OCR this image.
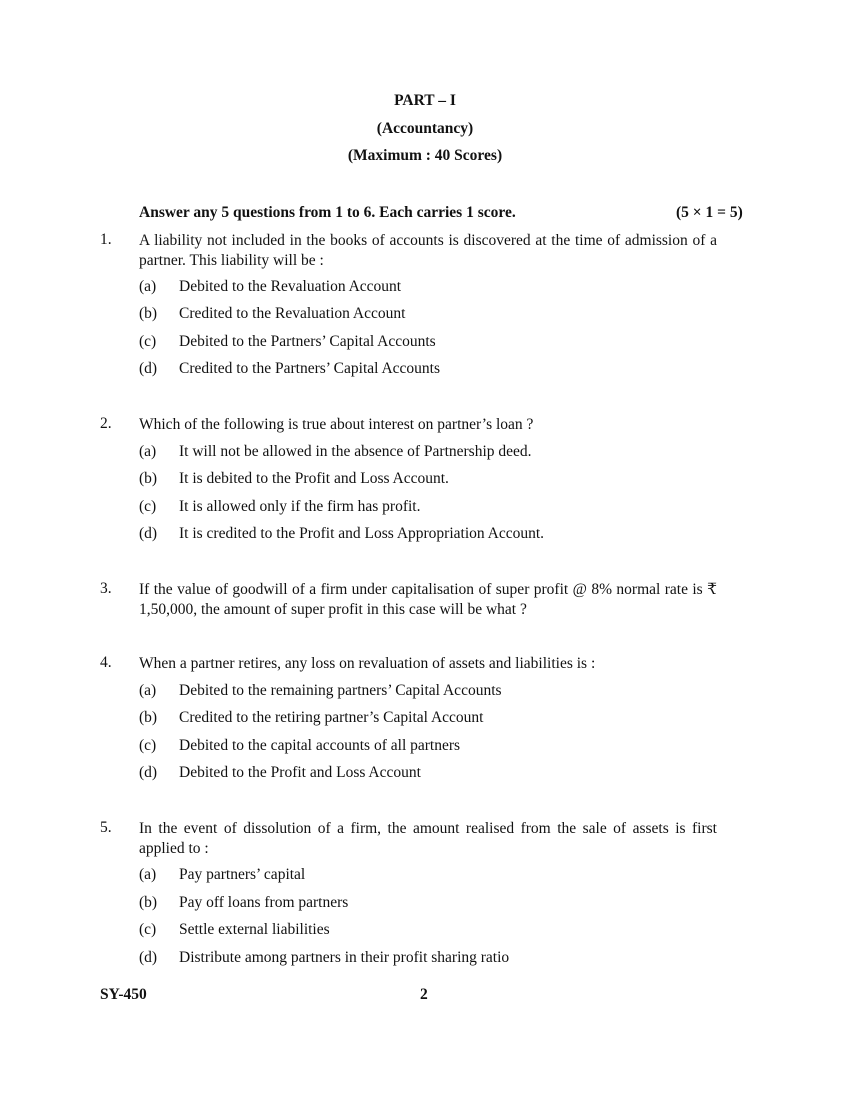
PART – I
(Accountancy)
(Maximum : 40 Scores)
Answer any 5 questions from 1 to 6. Each carries 1 score.	(5 × 1 = 5)
1. A liability not included in the books of accounts is discovered at the time of admission of a partner. This liability will be :
(a) Debited to the Revaluation Account
(b) Credited to the Revaluation Account
(c) Debited to the Partners’ Capital Accounts
(d) Credited to the Partners’ Capital Accounts
2. Which of the following is true about interest on partner’s loan ?
(a) It will not be allowed in the absence of Partnership deed.
(b) It is debited to the Profit and Loss Account.
(c) It is allowed only if the firm has profit.
(d) It is credited to the Profit and Loss Appropriation Account.
3. If the value of goodwill of a firm under capitalisation of super profit @ 8% normal rate is ₹ 1,50,000, the amount of super profit in this case will be what ?
4. When a partner retires, any loss on revaluation of assets and liabilities is :
(a) Debited to the remaining partners’ Capital Accounts
(b) Credited to the retiring partner’s Capital Account
(c) Debited to the capital accounts of all partners
(d) Debited to the Profit and Loss Account
5. In the event of dissolution of a firm, the amount realised from the sale of assets is first applied to :
(a) Pay partners’ capital
(b) Pay off loans from partners
(c) Settle external liabilities
(d) Distribute among partners in their profit sharing ratio
SY-450	2
